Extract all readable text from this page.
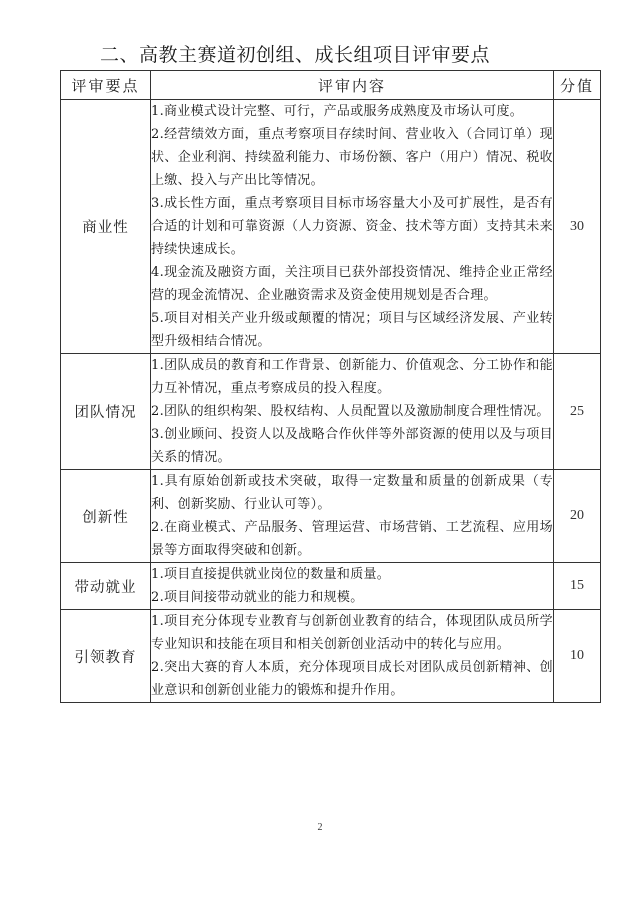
二、高教主赛道初创组、成长组项目评审要点
评审要点	评审内容	分值
商业性	1.商业模式设计完整、可行，产品或服务成熟度及市场认可度。
2.经营绩效方面，重点考察项目存续时间、营业收入（合同订单）现状、企业利润、持续盈利能力、市场份额、客户（用户）情况、税收上缴、投入与产出比等情况。
3.成长性方面，重点考察项目目标市场容量大小及可扩展性，是否有合适的计划和可靠资源（人力资源、资金、技术等方面）支持其未来持续快速成长。
4.现金流及融资方面，关注项目已获外部投资情况、维持企业正常经营的现金流情况、企业融资需求及资金使用规划是否合理。
5.项目对相关产业升级或颠覆的情况；项目与区域经济发展、产业转型升级相结合情况。	30
团队情况	1.团队成员的教育和工作背景、创新能力、价值观念、分工协作和能力互补情况，重点考察成员的投入程度。
2.团队的组织构架、股权结构、人员配置以及激励制度合理性情况。
3.创业顾问、投资人以及战略合作伙伴等外部资源的使用以及与项目关系的情况。	25
创新性	1.具有原始创新或技术突破，取得一定数量和质量的创新成果（专利、创新奖励、行业认可等）。
2.在商业模式、产品服务、管理运营、市场营销、工艺流程、应用场景等方面取得突破和创新。	20
带动就业	1.项目直接提供就业岗位的数量和质量。
2.项目间接带动就业的能力和规模。	15
引领教育	1.项目充分体现专业教育与创新创业教育的结合，体现团队成员所学专业知识和技能在项目和相关创新创业活动中的转化与应用。
2.突出大赛的育人本质，充分体现项目成长对团队成员创新精神、创业意识和创新创业能力的锻炼和提升作用。	10
2
